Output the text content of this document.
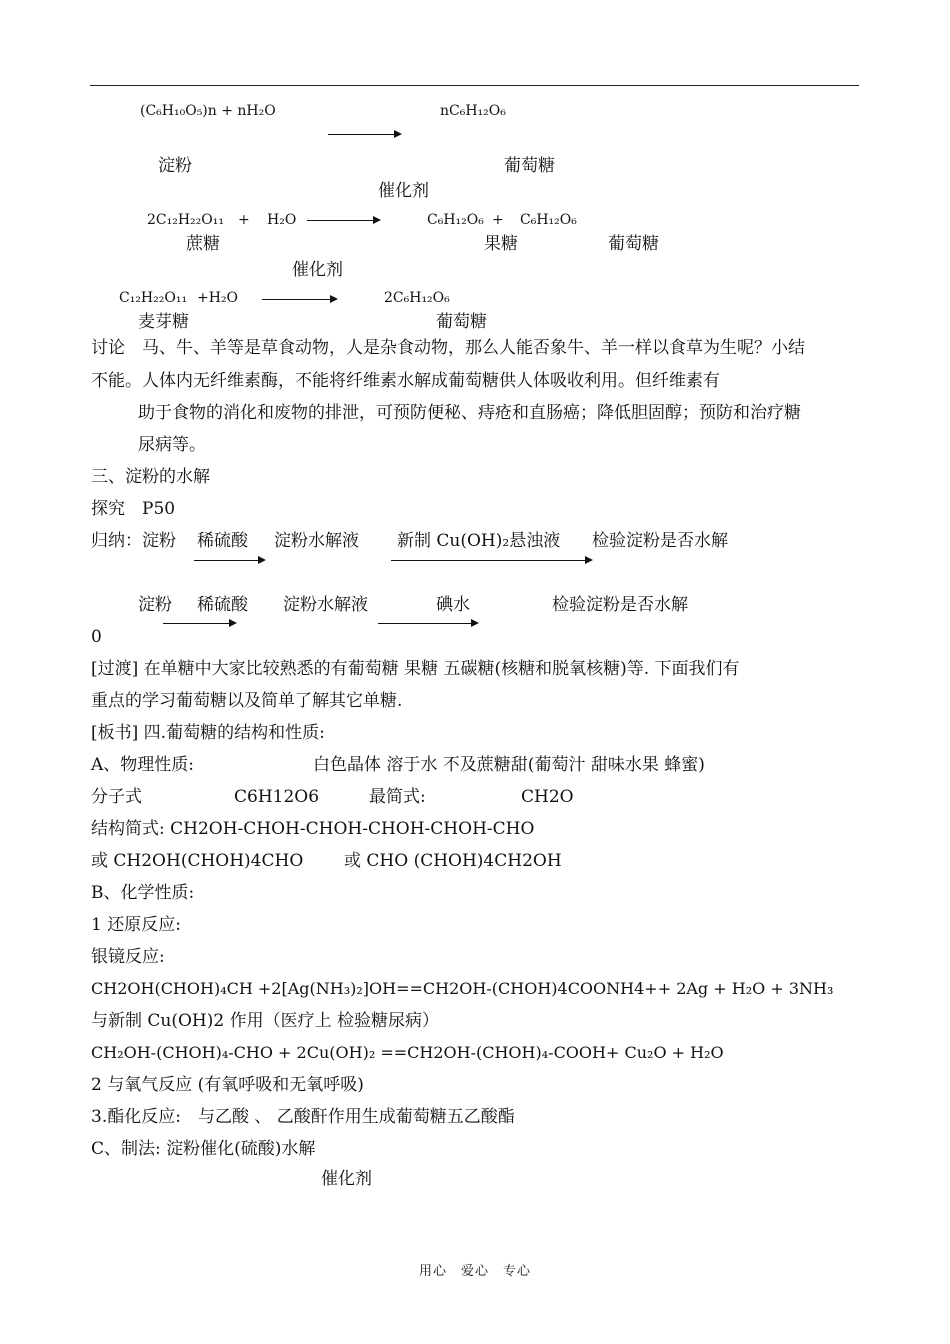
(C₆H₁₀O₅)n + nH₂O	nC₆H₁₂O₆
淀粉	葡萄糖
催化剂
2C₁₂H₂₂O₁₁ + H₂O	C₆H₁₂O₆ + C₆H₁₂O₆
蔗糖	果糖	葡萄糖
催化剂
C₁₂H₂₂O₁₁ +H₂O	2C₆H₁₂O₆
麦芽糖	葡萄糖
讨论　马、牛、羊等是草食动物，人是杂食动物，那么人能否象牛、羊一样以食草为生呢？小结
不能。人体内无纤维素酶，不能将纤维素水解成葡萄糖供人体吸收利用。但纤维素有
助于食物的消化和废物的排泄，可预防便秘、痔疮和直肠癌；降低胆固醇；预防和治疗糖
尿病等。
三、淀粉的水解
探究　P50
归纳：淀粉 稀硫酸 淀粉水解液 新制 Cu(OH)₂悬浊液 检验淀粉是否水解
淀粉 稀硫酸 淀粉水解液	碘水	检验淀粉是否水解
0
[过渡] 在单糖中大家比较熟悉的有葡萄糖 果糖 五碳糖(核糖和脱氧核糖)等. 下面我们有
重点的学习葡萄糖以及简单了解其它单糖.
[板书] 四.葡萄糖的结构和性质:
A、物理性质:	白色晶体 溶于水 不及蔗糖甜(葡萄汁 甜味水果 蜂蜜)
分子式	C6H12O6	最简式:	CH2O
结构简式: CH2OH-CHOH-CHOH-CHOH-CHOH-CHO
或 CH2OH(CHOH)4CHO 或 CHO (CHOH)4CH2OH
B、化学性质:
1 还原反应:
银镜反应:
CH2OH(CHOH)₄CH +2[Ag(NH₃)₂]OH==CH2OH-(CHOH)4COONH4++ 2Ag + H₂O + 3NH₃
与新制 Cu(OH)2 作用（医疗上 检验糖尿病）
CH₂OH-(CHOH)₄-CHO + 2Cu(OH)₂ ==CH2OH-(CHOH)₄-COOH+ Cu₂O + H₂O
2 与氧气反应 (有氧呼吸和无氧呼吸)
3.酯化反应:　与乙酸 、 乙酸酐作用生成葡萄糖五乙酸酯
C、制法: 淀粉催化(硫酸)水解
催化剂
用心　爱心　专心
